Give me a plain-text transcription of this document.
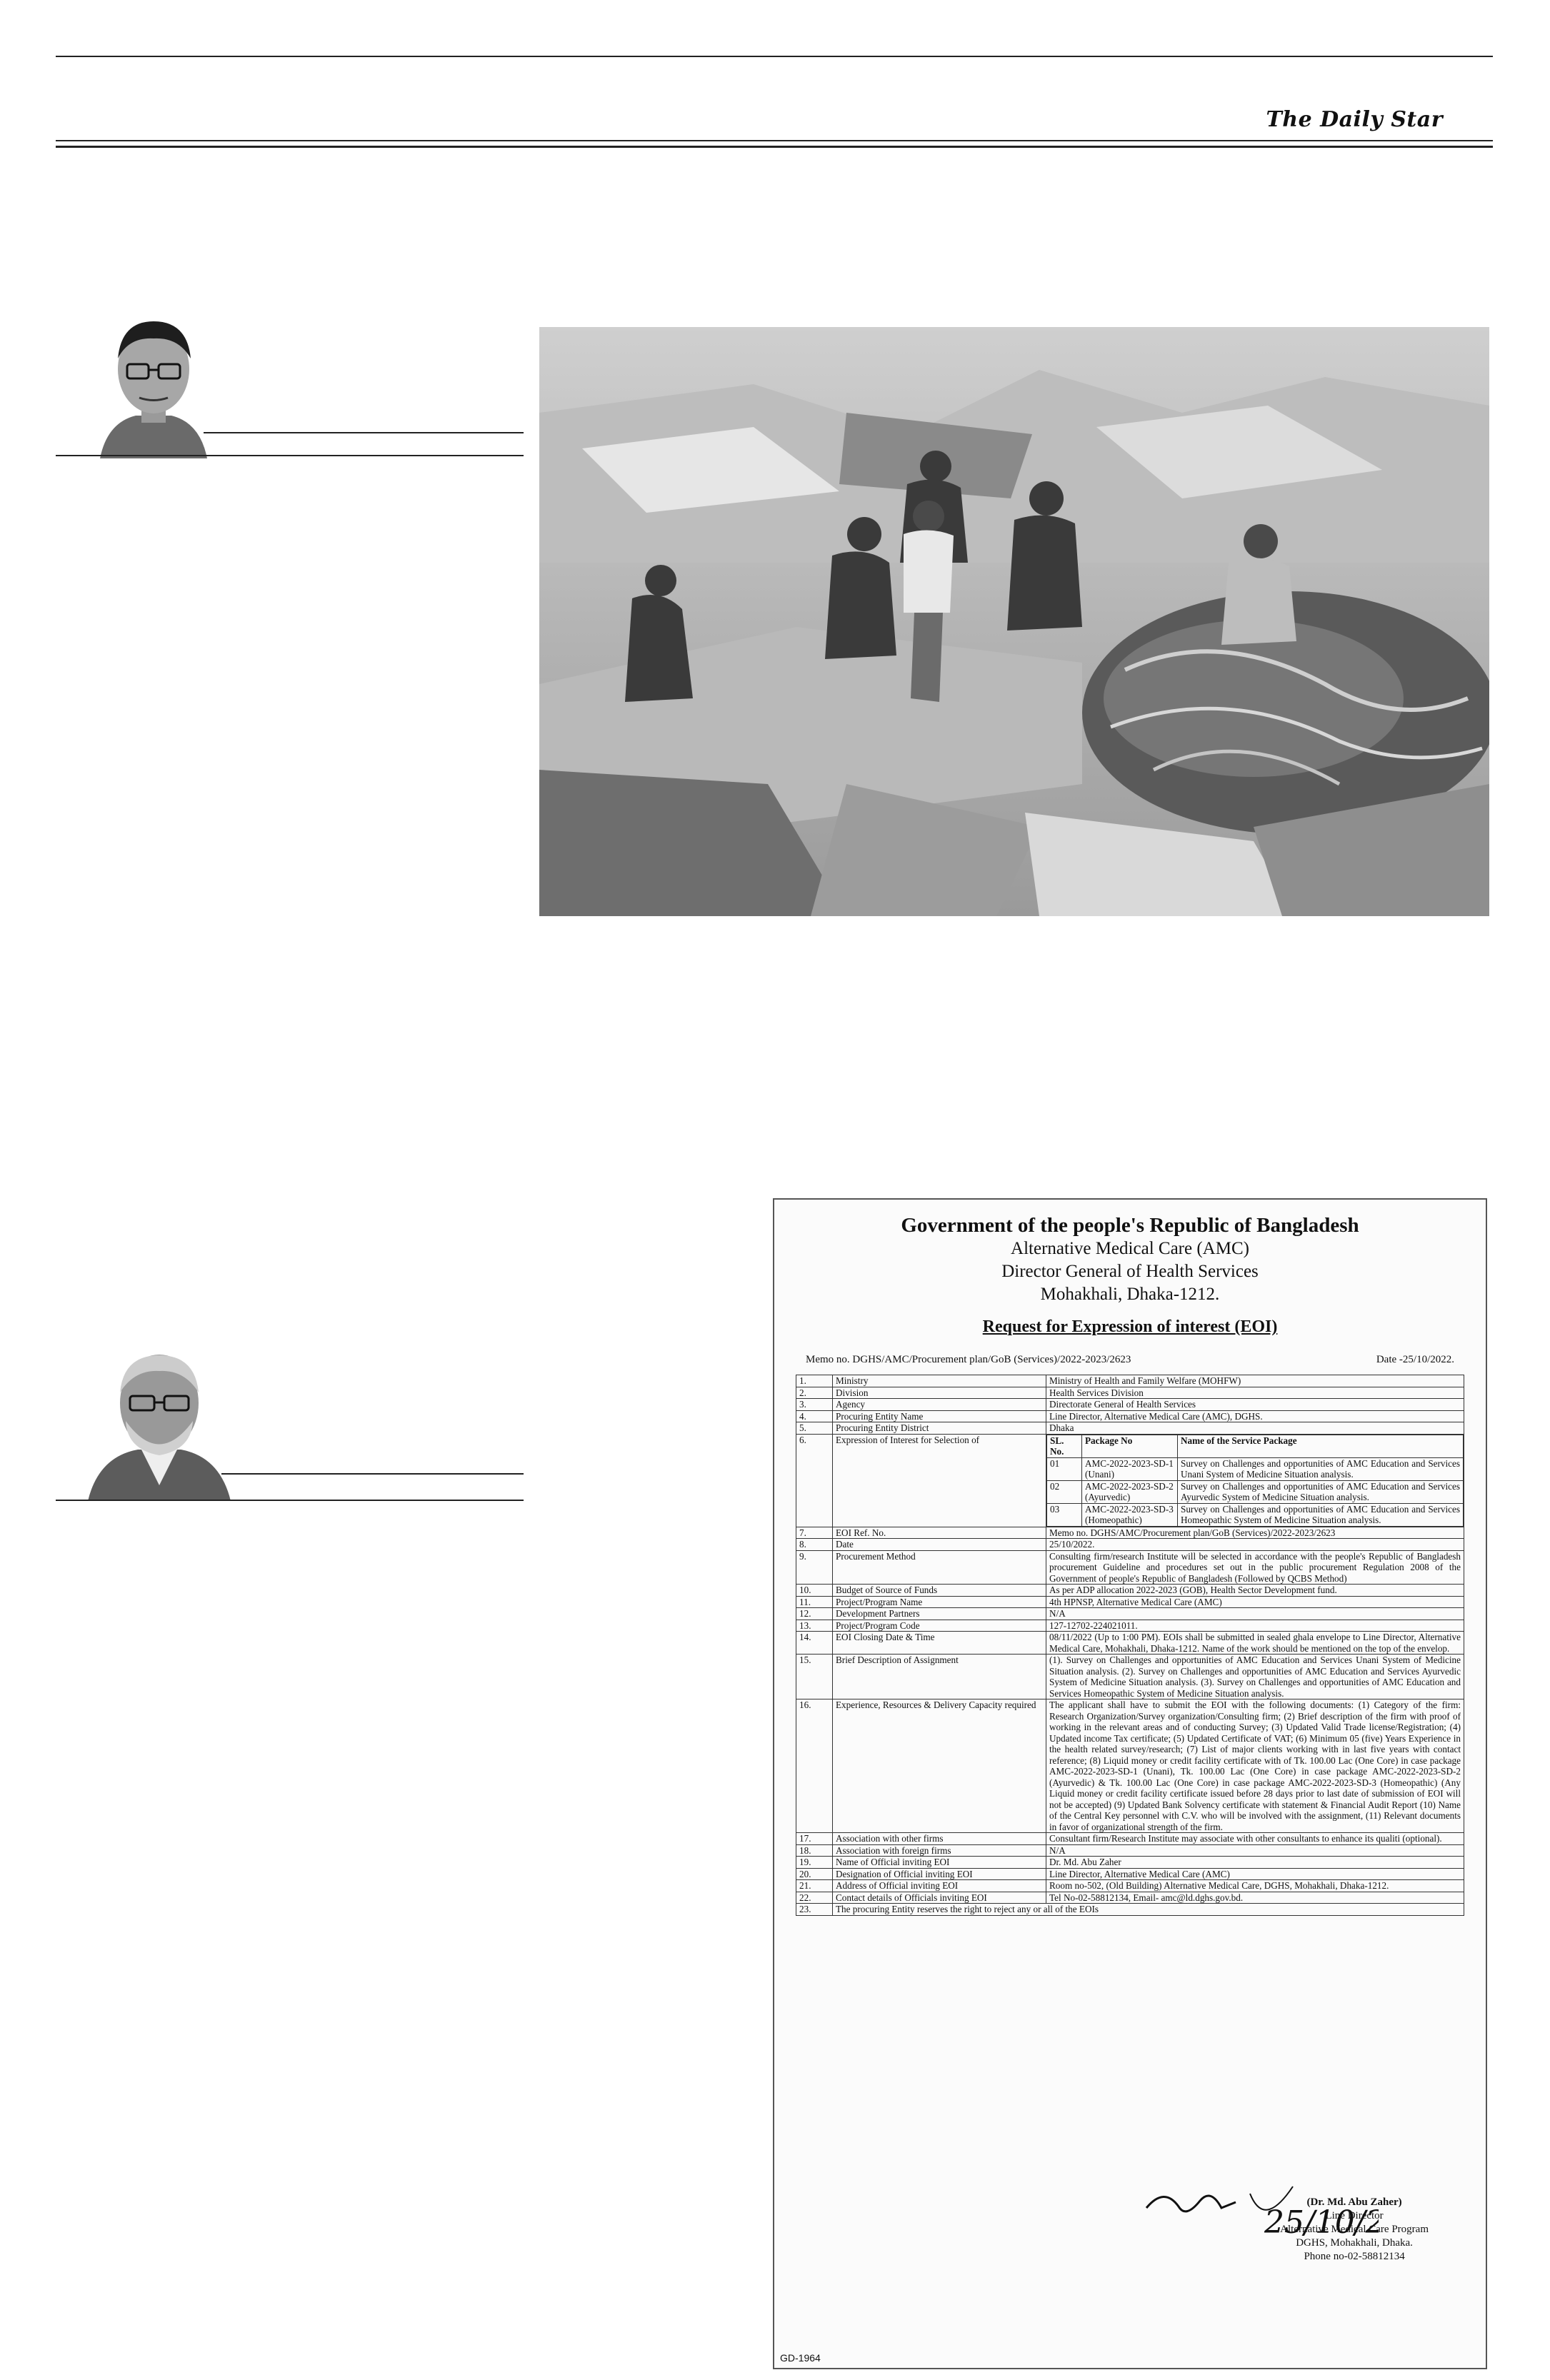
The Daily Star
Government of the people's Republic of Bangladesh
Alternative Medical Care (AMC)
Director General of Health Services
Mohakhali, Dhaka-1212.
Request for Expression of interest (EOI)
Memo no. DGHS/AMC/Procurement plan/GoB (Services)/2022-2023/2623	Date -25/10/2022.
1.	Ministry	Ministry of Health and Family Welfare (MOHFW)
2.	Division	Health Services Division
3.	Agency	Directorate General of Health Services
4.	Procuring Entity Name	Line Director, Alternative Medical Care (AMC), DGHS.
5.	Procuring Entity District	Dhaka
6.	Expression of Interest for Selection of		SL. No.	Package No	Name of the Service Package
01	AMC-2022-2023-SD-1 (Unani)	Survey on Challenges and opportunities of AMC Education and Services Unani System of Medicine Situation analysis.
02	AMC-2022-2023-SD-2 (Ayurvedic)	Survey on Challenges and opportunities of AMC Education and Services Ayurvedic System of Medicine Situation analysis.
03	AMC-2022-2023-SD-3 (Homeopathic)	Survey on Challenges and opportunities of AMC Education and Services Homeopathic System of Medicine Situation analysis.

7.	EOI Ref. No.	Memo no. DGHS/AMC/Procurement plan/GoB (Services)/2022-2023/2623
8.	Date	25/10/2022.
9.	Procurement Method	Consulting firm/research Institute will be selected in accordance with the people's Republic of Bangladesh procurement Guideline and procedures set out in the public procurement Regulation 2008 of the Government of people's Republic of Bangladesh (Followed by QCBS Method)
10.	Budget of Source of Funds	As per ADP allocation 2022-2023 (GOB), Health Sector Development fund.
11.	Project/Program Name	4th HPNSP, Alternative Medical Care (AMC)
12.	Development Partners	N/A
13.	Project/Program Code	127-12702-224021011.
14.	EOI Closing Date & Time	08/11/2022 (Up to 1:00 PM). EOIs shall be submitted in sealed ghala envelope to Line Director, Alternative Medical Care, Mohakhali, Dhaka-1212. Name of the work should be mentioned on the top of the envelop.
15.	Brief Description of Assignment	(1). Survey on Challenges and opportunities of AMC Education and Services Unani System of Medicine Situation analysis. (2). Survey on Challenges and opportunities of AMC Education and Services Ayurvedic System of Medicine Situation analysis. (3). Survey on Challenges and opportunities of AMC Education and Services Homeopathic System of Medicine Situation analysis.
16.	Experience, Resources & Delivery Capacity required	The applicant shall have to submit the EOI with the following documents: (1) Category of the firm: Research Organization/Survey organization/Consulting firm; (2) Brief description of the firm with proof of working in the relevant areas and of conducting Survey; (3) Updated Valid Trade license/Registration; (4) Updated income Tax certificate; (5) Updated Certificate of VAT; (6) Minimum 05 (five) Years Experience in the health related survey/research; (7) List of major clients working with in last five years with contact reference; (8) Liquid money or credit facility certificate with of Tk. 100.00 Lac (One Core) in case package AMC-2022-2023-SD-1 (Unani), Tk. 100.00 Lac (One Core) in case package AMC-2022-2023-SD-2 (Ayurvedic) & Tk. 100.00 Lac (One Core) in case package AMC-2022-2023-SD-3 (Homeopathic) (Any Liquid money or credit facility certificate issued before 28 days prior to last date of submission of EOI will not be accepted) (9) Updated Bank Solvency certificate with statement & Financial Audit Report (10) Name of the Central Key personnel with C.V. who will be involved with the assignment, (11) Relevant documents in favor of organizational strength of the firm.
17.	Association with other firms	Consultant firm/Research Institute may associate with other consultants to enhance its qualiti (optional).
18.	Association with foreign firms	N/A
19.	Name of Official inviting EOI	Dr. Md. Abu Zaher
20.	Designation of Official inviting EOI	Line Director, Alternative Medical Care (AMC)
21.	Address of Official inviting EOI	Room no-502, (Old Building) Alternative Medical Care, DGHS, Mohakhali, Dhaka-1212.
22.	Contact details of Officials inviting EOI	Tel No-02-58812134, Email- amc@ld.dghs.gov.bd.
23.	The procuring Entity reserves the right to reject any or all of the EOIs
25/10/
(Dr. Md. Abu Zaher)
Line Director
Alternative Medical Care Program
DGHS, Mohakhali, Dhaka.
Phone no-02-58812134
GD-1964
